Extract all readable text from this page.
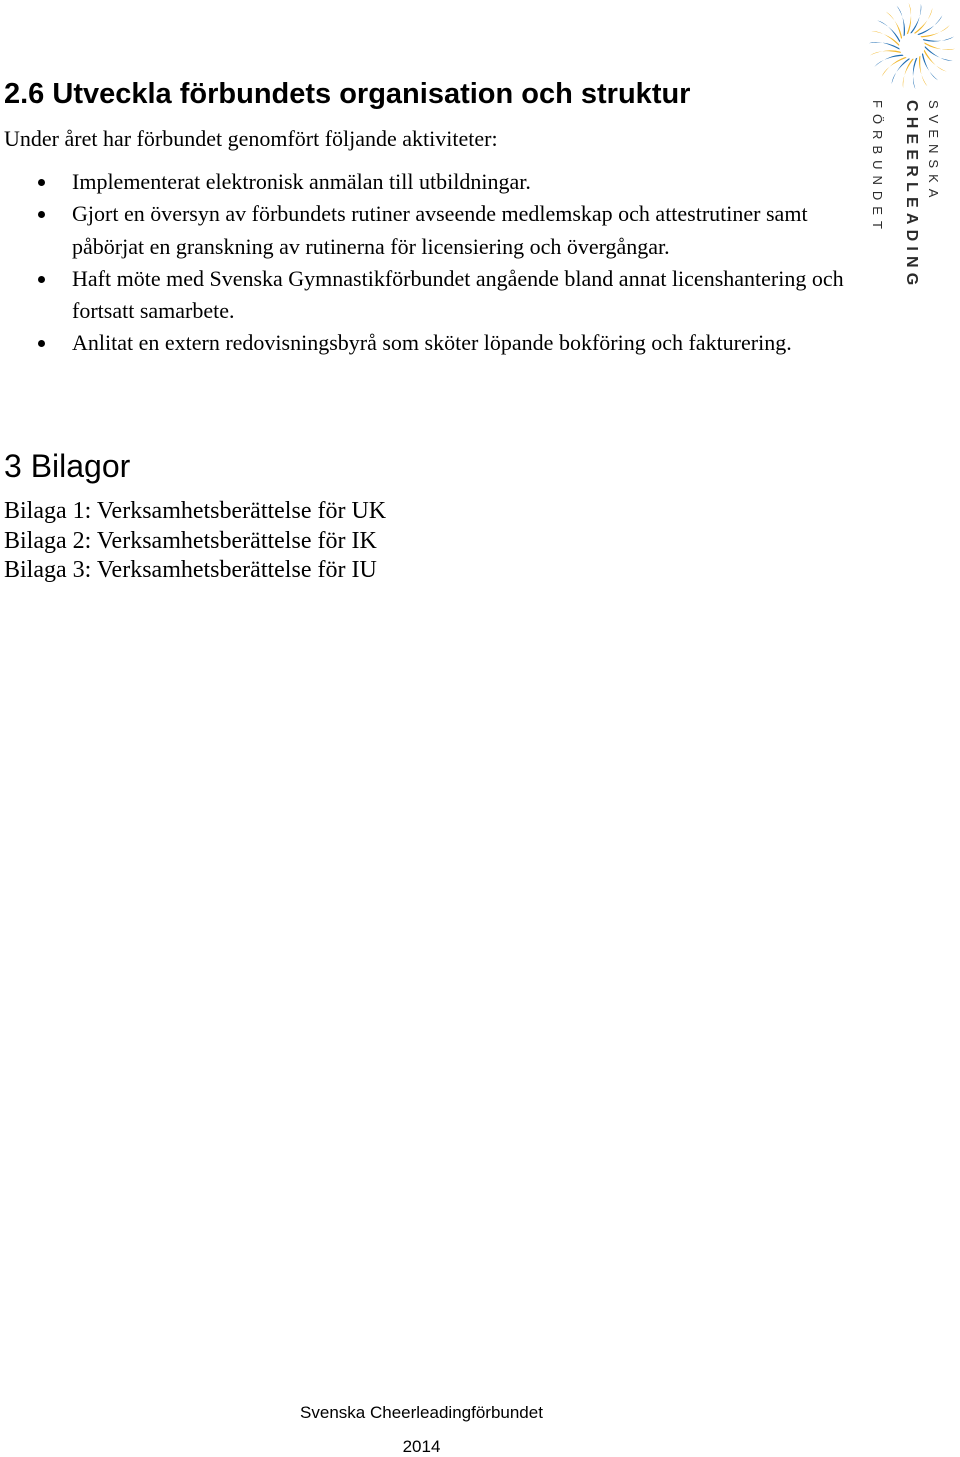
2.6 Utveckla förbundets organisation och struktur

Under året har förbundet genomfört följande aktiviteter:

Implementerat elektronisk anmälan till utbildningar.
Gjort en översyn av förbundets rutiner avseende medlemskap och attestrutiner samt påbörjat en granskning av rutinerna för licensiering och övergångar.
Haft möte med Svenska Gymnastikförbundet angående bland annat licenshantering och fortsatt samarbete.
Anlitat en extern redovisningsbyrå som sköter löpande bokföring och fakturering.
3 Bilagor
Bilaga 1: Verksamhetsberättelse för UK
Bilaga 2: Verksamhetsberättelse för IK
Bilaga 3: Verksamhetsberättelse för IU
SVENSKA
CHEERLEADING
FÖRBUNDET
Svenska Cheerleadingförbundet
2014
